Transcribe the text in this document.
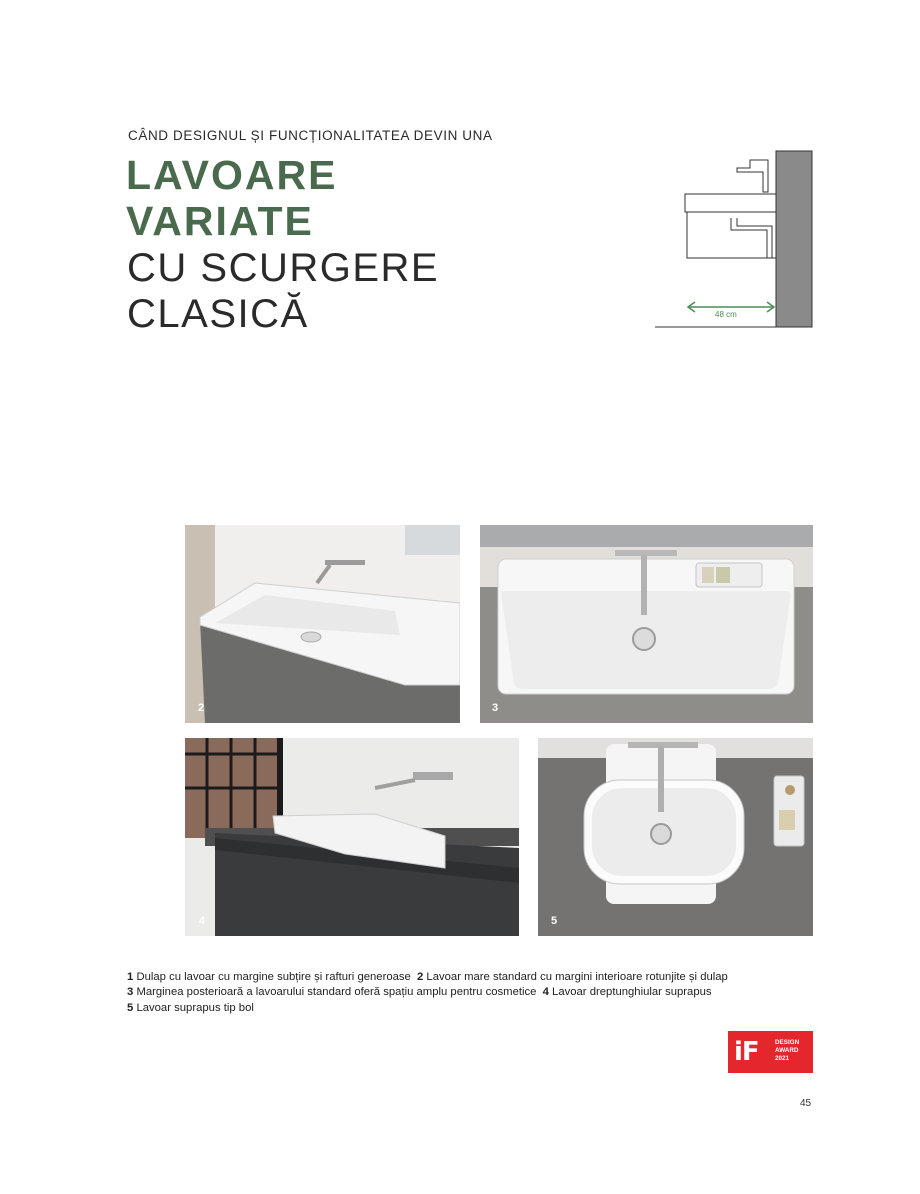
CÂND DESIGNUL ȘI FUNCȚIONALITATEA DEVIN UNA
LAVOARE
VARIATE
CU SCURGERE
CLASICĂ	48 cm
2	3
4	5
1 Dulap cu lavoar cu margine subțire și rafturi generoase 2 Lavoar mare standard cu margini interioare rotunjite și dulap
3 Marginea posterioară a lavoarului standard oferă spațiu amplu pentru cosmetice 4 Lavoar dreptunghiular suprapus
5 Lavoar suprapus tip bol
iF	DESIGN
AWARD
2021
45
